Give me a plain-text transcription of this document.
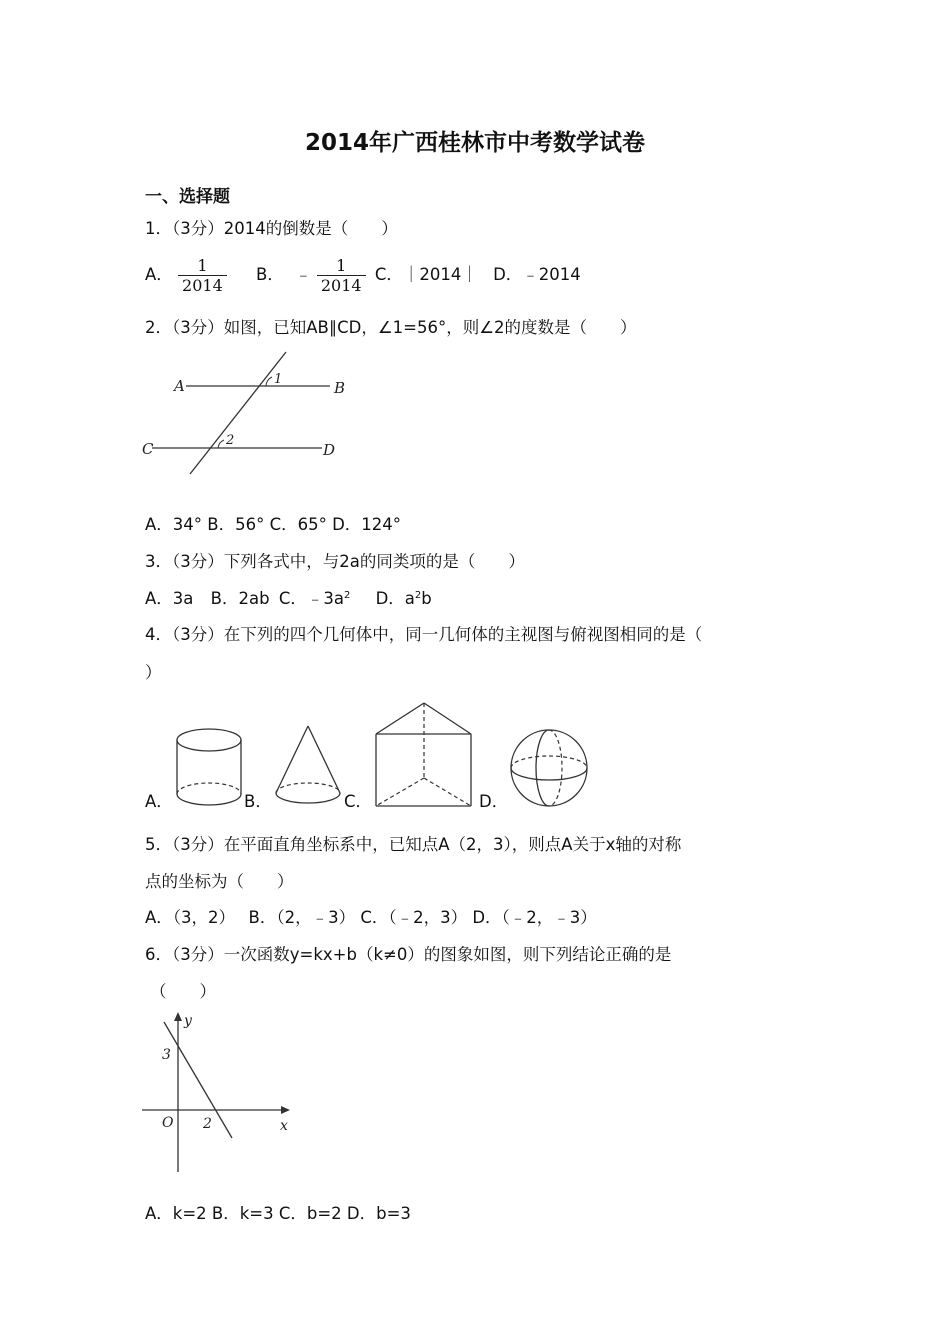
2014年广西桂林市中考数学试卷
一、选择题
1．（3分）2014的倒数是（　　）
A． $\frac{1}{2014}$ B． ﹣ $\frac{1}{2014}$ C．｜2014｜ D．﹣2014
2．（3分）如图，已知AB∥CD，∠1=56°，则∠2的度数是（　　）
A	B
C	D
1
2
A．34° B．56° C．65° D．124°
3．（3分）下列各式中，与2a的同类项的是（　　）
A．3a B．2ab C．$﹣3a^2$ D．$a^2b$
4．（3分）在下列的四个几何体中，同一几何体的主视图与俯视图相同的是（
）
A．	B．	C．	D．
5．（3分）在平面直角坐标系中，已知点A（2，3），则点A关于x轴的对称
点的坐标为（　　）
A．（3，2）　 B．（2，﹣3） C．（﹣2，3） D．（﹣2，﹣3）
6．（3分）一次函数y=kx+b（k≠0）的图象如图，则下列结论正确的是
（　　）
y
x
O
3
2
A．k=2 B．k=3 C．b=2 D．b=3
